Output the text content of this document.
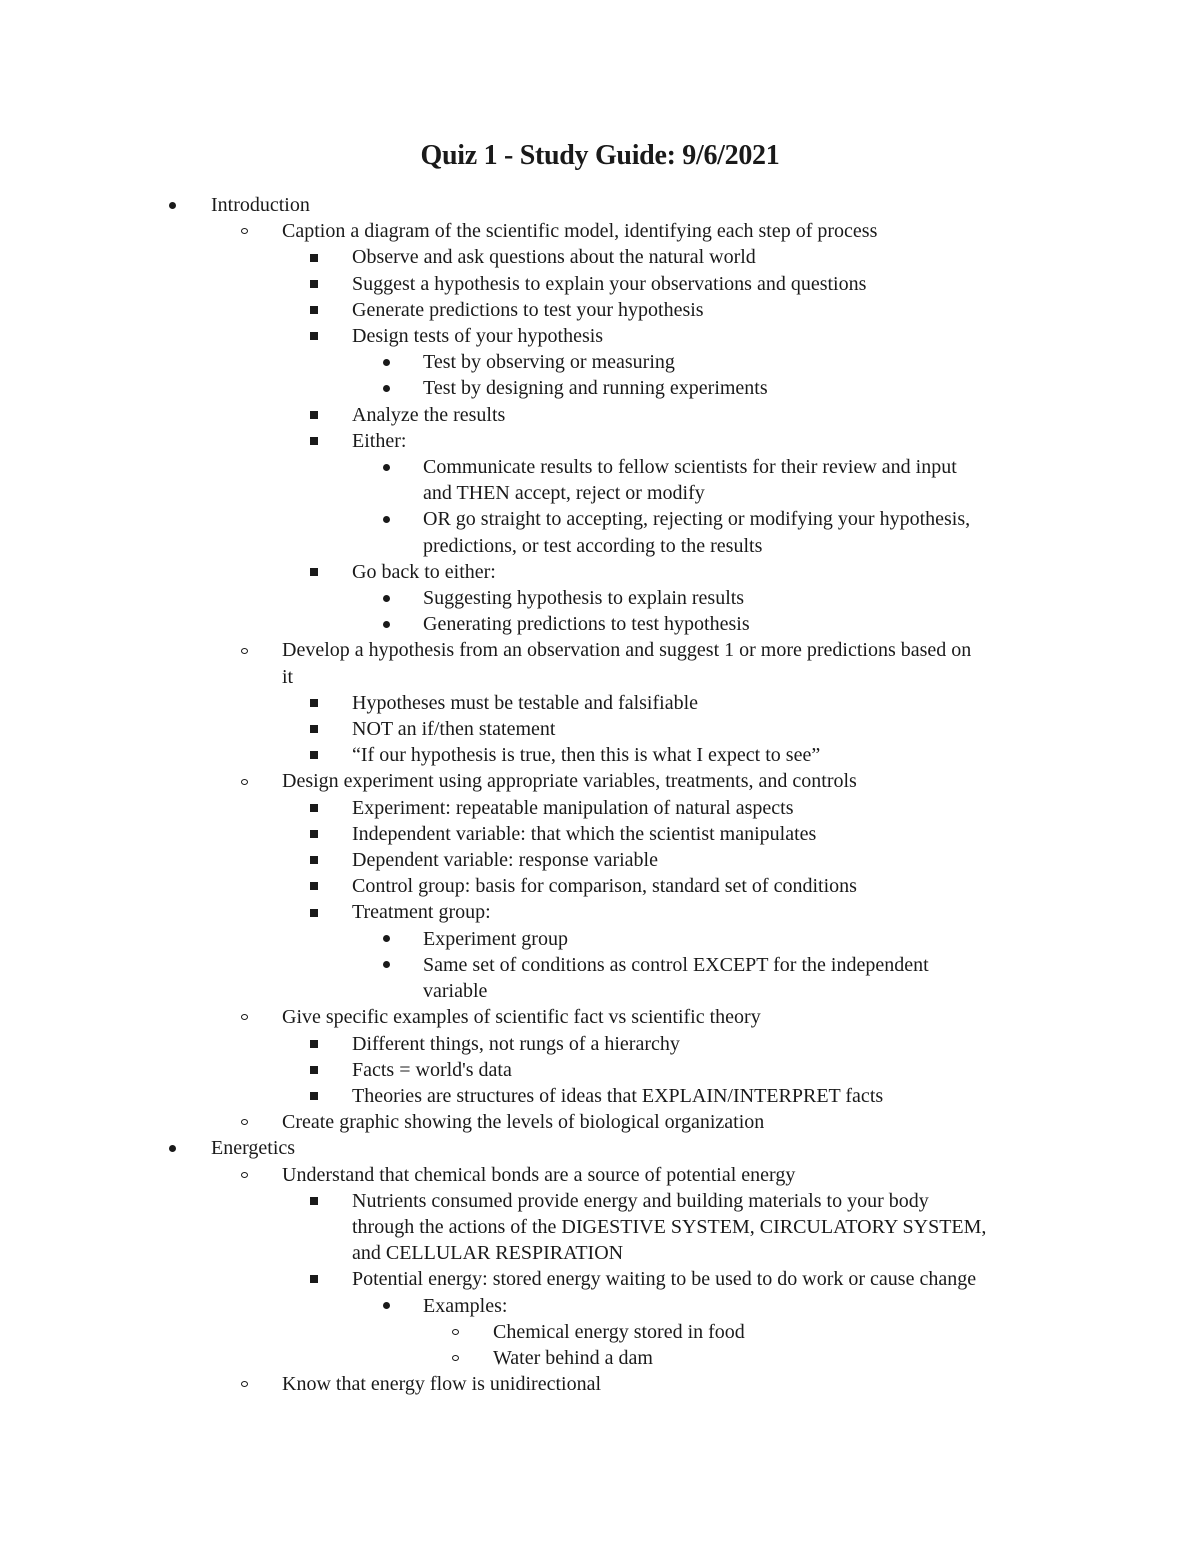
Quiz 1 - Study Guide: 9/6/2021
Introduction
Caption a diagram of the scientific model, identifying each step of process
Observe and ask questions about the natural world
Suggest a hypothesis to explain your observations and questions
Generate predictions to test your hypothesis
Design tests of your hypothesis
Test by observing or measuring
Test by designing and running experiments
Analyze the results
Either:
Communicate results to fellow scientists for their review and input
and THEN accept, reject or modify
OR go straight to accepting, rejecting or modifying your hypothesis,
predictions, or test according to the results
Go back to either:
Suggesting hypothesis to explain results
Generating predictions to test hypothesis
Develop a hypothesis from an observation and suggest 1 or more predictions based on
it
Hypotheses must be testable and falsifiable
NOT an if/then statement
“If our hypothesis is true, then this is what I expect to see”
Design experiment using appropriate variables, treatments, and controls
Experiment: repeatable manipulation of natural aspects
Independent variable: that which the scientist manipulates
Dependent variable: response variable
Control group: basis for comparison, standard set of conditions
Treatment group:
Experiment group
Same set of conditions as control EXCEPT for the independent
variable
Give specific examples of scientific fact vs scientific theory
Different things, not rungs of a hierarchy
Facts = world's data
Theories are structures of ideas that EXPLAIN/INTERPRET facts
Create graphic showing the levels of biological organization
Energetics
Understand that chemical bonds are a source of potential energy
Nutrients consumed provide energy and building materials to your body
through the actions of the DIGESTIVE SYSTEM, CIRCULATORY SYSTEM,
and CELLULAR RESPIRATION
Potential energy: stored energy waiting to be used to do work or cause change
Examples:
Chemical energy stored in food
Water behind a dam
Know that energy flow is unidirectional
